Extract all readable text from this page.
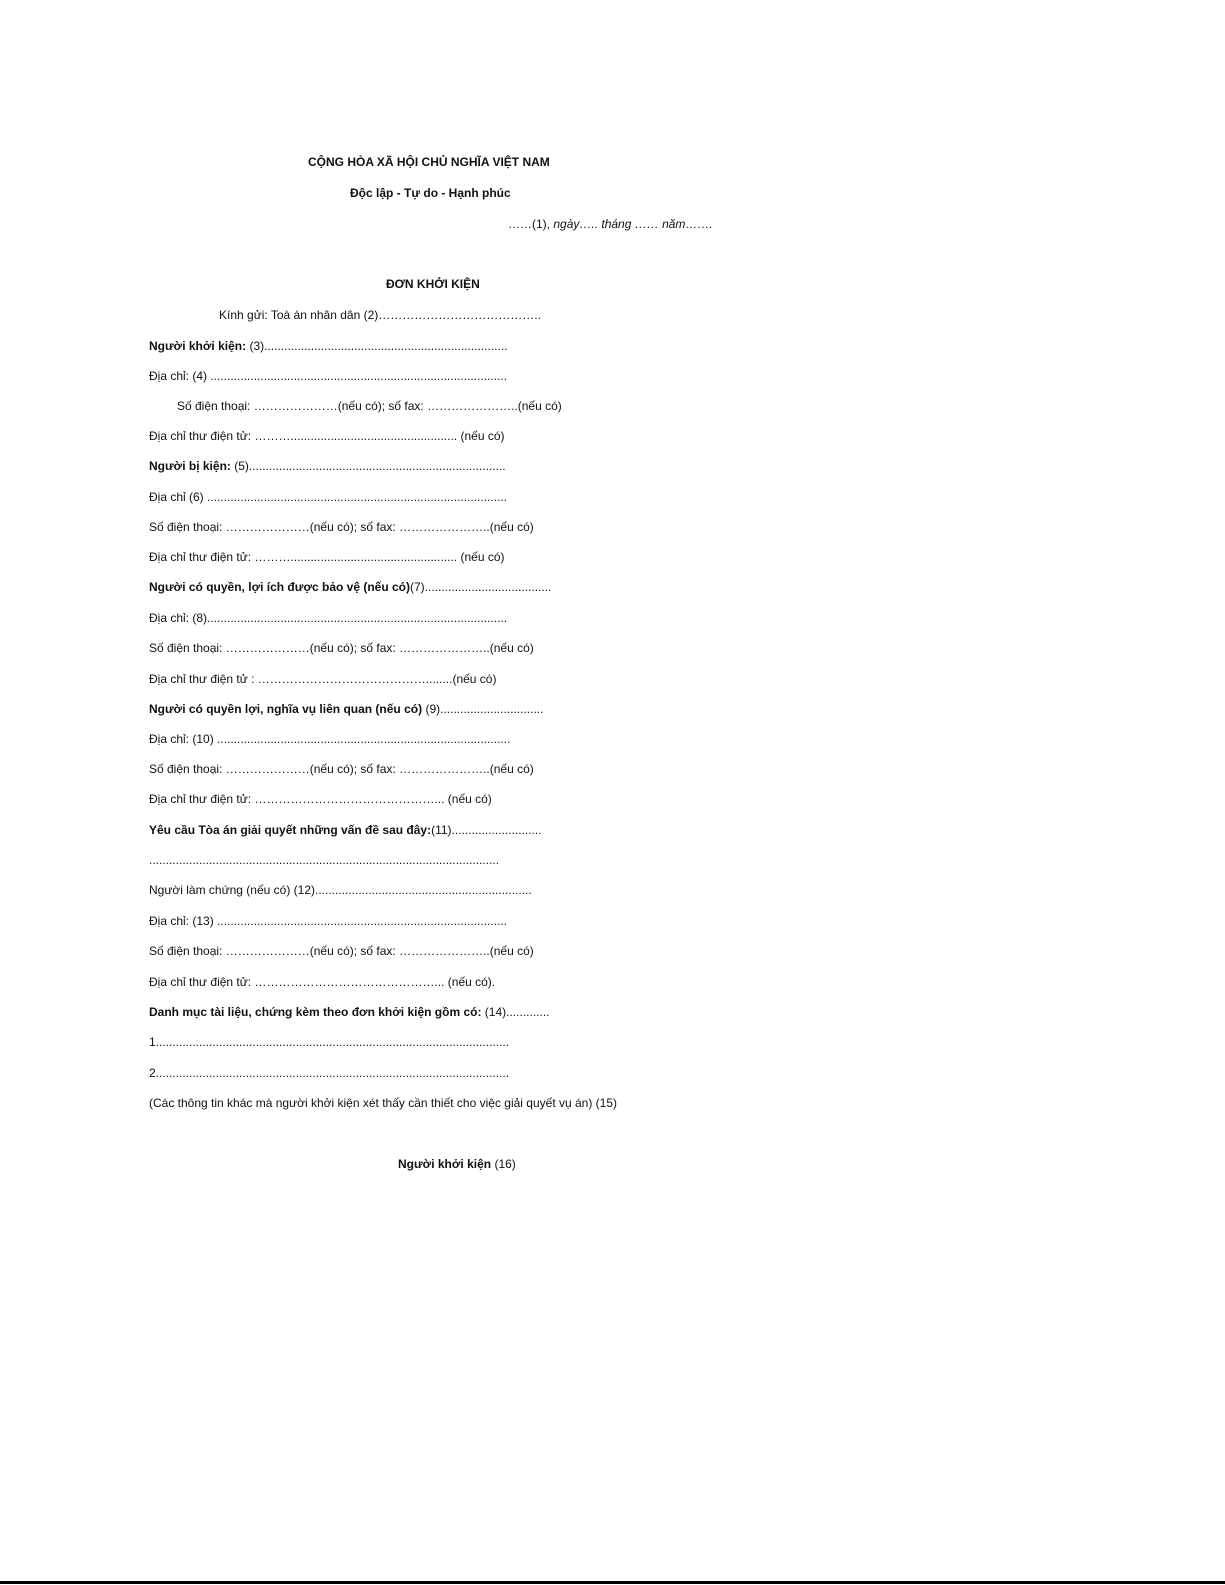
CỘNG HÒA XÃ HỘI CHỦ NGHĨA VIỆT NAM
Độc lập - Tự do - Hạnh phúc
……(1), ngày….. tháng …… năm…….
ĐƠN KHỞI KIỆN
Kính gửi: Toà án nhân dân (2)…………………………………..
Người khởi kiện: (3).........................................................................
Địa chỉ: (4) .........................................................................................
Số điện thoại: …………………(nếu có); số fax: …………………..(nếu có)
Địa chỉ thư điện tử: ……….................................................. (nếu có)
Người bị kiện: (5).............................................................................
Địa chỉ (6) ..........................................................................................
Số điện thoại: …………………(nếu có); số fax: …………………..(nếu có)
Địa chỉ thư điện tử: ……….................................................. (nếu có)
Người có quyền, lợi ích được bảo vệ (nếu có)(7)......................................
Địa chỉ: (8)..........................................................................................
Số điện thoại: …………………(nếu có); số fax: …………………..(nếu có)
Địa chỉ thư điện tử : ……………………………………........(nếu có)
Người có quyền lợi, nghĩa vụ liên quan (nếu có) (9)...............................
Địa chỉ: (10) ........................................................................................
Số điện thoại: …………………(nếu có); số fax: …………………..(nếu có)
Địa chỉ thư điện tử: ………………………………………... (nếu có)
Yêu cầu Tòa án giải quyết những vấn đề sau đây:(11)...........................
.........................................................................................................
Người làm chứng (nếu có) (12).................................................................
Địa chỉ: (13) .......................................................................................
Số điện thoại: …………………(nếu có); số fax: …………………..(nếu có)
Địa chỉ thư điện tử: ………………………………………... (nếu có).
Danh mục tài liệu, chứng kèm theo đơn khởi kiện gồm có: (14).............
1..........................................................................................................
2..........................................................................................................
(Các thông tin khác mà người khởi kiện xét thấy cần thiết cho việc giải quyết vụ án) (15)
Người khởi kiện (16)
